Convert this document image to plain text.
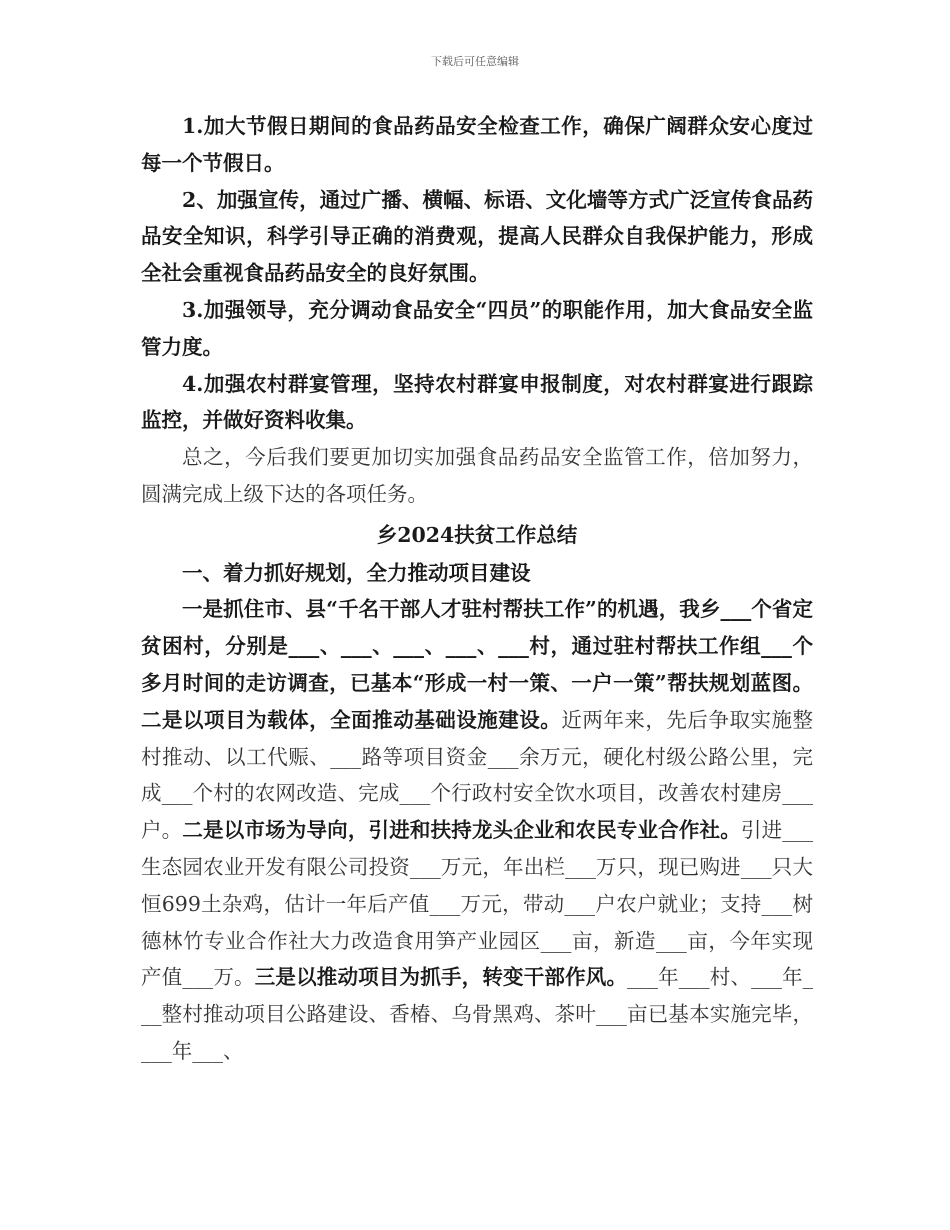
下载后可任意编辑

1.加大节假日期间的食品药品安全检查工作，确保广阔群众安心度过每一个节假日。

2、加强宣传，通过广播、横幅、标语、文化墙等方式广泛宣传食品药品安全知识，科学引导正确的消费观，提高人民群众自我保护能力，形成全社会重视食品药品安全的良好氛围。

3.加强领导，充分调动食品安全“四员”的职能作用，加大食品安全监管力度。

4.加强农村群宴管理，坚持农村群宴申报制度，对农村群宴进行跟踪监控，并做好资料收集。

总之，今后我们要更加切实加强食品药品安全监管工作，倍加努力，圆满完成上级下达的各项任务。

乡2024扶贫工作总结

一、着力抓好规划，全力推动项目建设

一是抓住市、县“千名干部人才驻村帮扶工作”的机遇，我乡___个省定贫困村，分别是___、___、___、___、___村，通过驻村帮扶工作组___个多月时间的走访调查，已基本“形成一村一策、一户一策”帮扶规划蓝图。二是以项目为载体，全面推动基础设施建设。近两年来，先后争取实施整村推动、以工代赈、___路等项目资金___余万元，硬化村级公路公里，完成___个村的农网改造、完成___个行政村安全饮水项目，改善农村建房___户。二是以市场为导向，引进和扶持龙头企业和农民专业合作社。引进___生态园农业开发有限公司投资___万元，年出栏___万只，现已购进___只大恒699土杂鸡，估计一年后产值___万元，带动___户农户就业；支持___树德林竹专业合作社大力改造食用笋产业园区___亩，新造___亩，今年实现产值___万。三是以推动项目为抓手，转变干部作风。___年___村、___年___整村推动项目公路建设、香椿、乌骨黑鸡、茶叶___亩已基本实施完毕，___年___、
